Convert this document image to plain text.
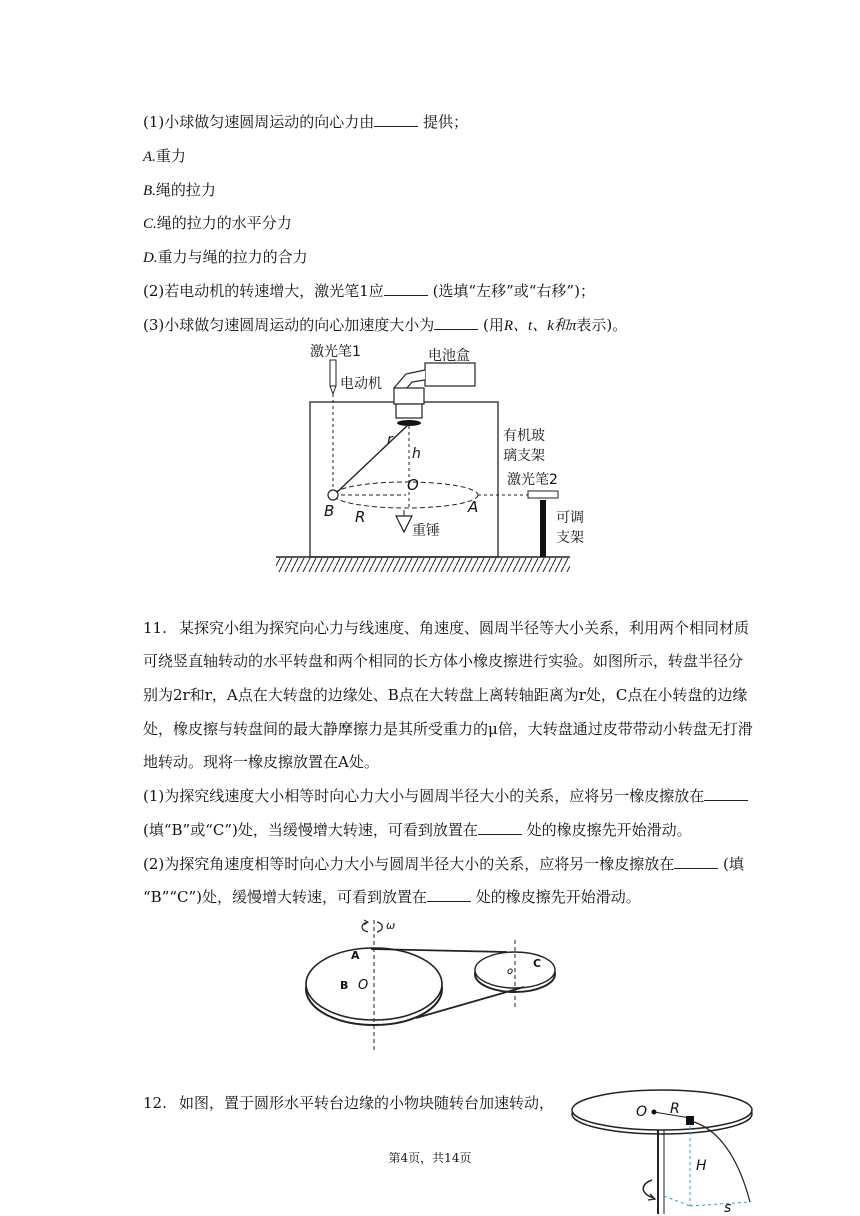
(1)小球做匀速圆周运动的向心力由	提供；
A.重力
B.绳的拉力
C.绳的拉力的水平分力
D.重力与绳的拉力的合力
(2)若电动机的转速增大，激光笔1应	(选填“左移”或“右移”)；
(3)小球做匀速圆周运动的向心加速度大小为	(用R、t、k和π表示)。
激光笔1	电池盒
电动机
有机玻
璃支架
激光笔2
可调
支架
重锤
r
h
O
B R
A
11. 某探究小组为探究向心力与线速度、角速度、圆周半径等大小关系，利用两个相同材质
可绕竖直轴转动的水平转盘和两个相同的长方体小橡皮擦进行实验。如图所示，转盘半径分
别为2r和r，A点在大转盘的边缘处、B点在大转盘上离转轴距离为r处，C点在小转盘的边缘
处，橡皮擦与转盘间的最大静摩擦力是其所受重力的μ倍，大转盘通过皮带带动小转盘无打滑
地转动。现将一橡皮擦放置在A处。
(1)为探究线速度大小相等时向心力大小与圆周半径大小的关系，应将另一橡皮擦放在
(填“B”或“C”)处，当缓慢增大转速，可看到放置在	处的橡皮擦先开始滑动。
(2)为探究角速度相等时向心力大小与圆周半径大小的关系，应将另一橡皮擦放在	(填
“B”“C”)处，缓慢增大转速，可看到放置在	处的橡皮擦先开始滑动。
ω
A
B O
o
C
12. 如图，置于圆形水平转台边缘的小物块随转台加速转动，	O R
H
s
第4页，共14页
